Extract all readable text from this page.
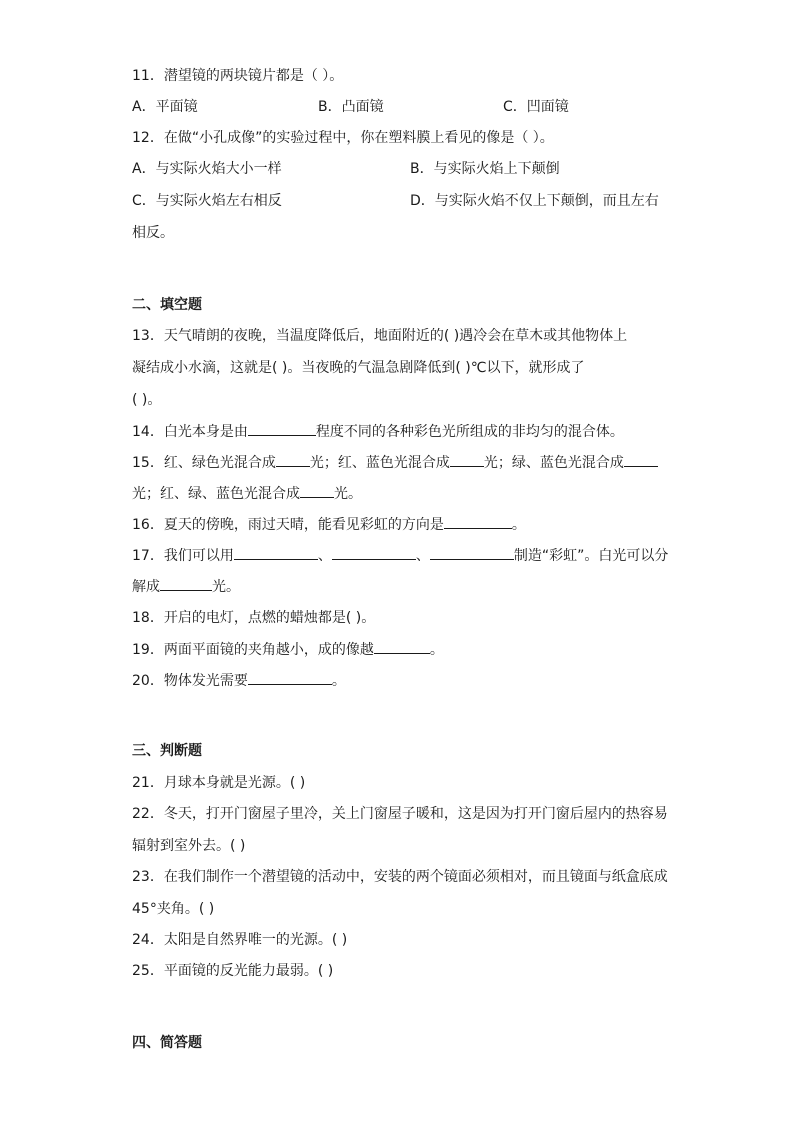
11．潜望镜的两块镜片都是（ ）。
A．平面镜	B．凸面镜	C．凹面镜
12．在做“小孔成像”的实验过程中，你在塑料膜上看见的像是（ ）。
A．与实际火焰大小一样	B．与实际火焰上下颠倒
C．与实际火焰左右相反	D．与实际火焰不仅上下颠倒，而且左右
相反。
二、填空题
13．天气晴朗的夜晚，当温度降低后，地面附近的( )遇冷会在草木或其他物体上
凝结成小水滴，这就是( )。当夜晚的气温急剧降低到( )℃以下，就形成了
( )。
14．白光本身是由	程度不同的各种彩色光所组成的非均匀的混合体。
15．红、绿色光混合成 光；红、蓝色光混合成 光；绿、蓝色光混合成
光；红、绿、蓝色光混合成 光。
16．夏天的傍晚，雨过天晴，能看见彩虹的方向是	。
17．我们可以用	、	、	制造“彩虹”。白光可以分
解成	光。
18．开启的电灯，点燃的蜡烛都是( )。
19．两面平面镜的夹角越小，成的像越	。
20．物体发光需要	。
三、判断题
21．月球本身就是光源。( )
22．冬天，打开门窗屋子里冷，关上门窗屋子暖和，这是因为打开门窗后屋内的热容易
辐射到室外去。( )
23．在我们制作一个潜望镜的活动中，安装的两个镜面必须相对，而且镜面与纸盒底成
45°夹角。( )
24．太阳是自然界唯一的光源。( )
25．平面镜的反光能力最弱。( )
四、简答题
